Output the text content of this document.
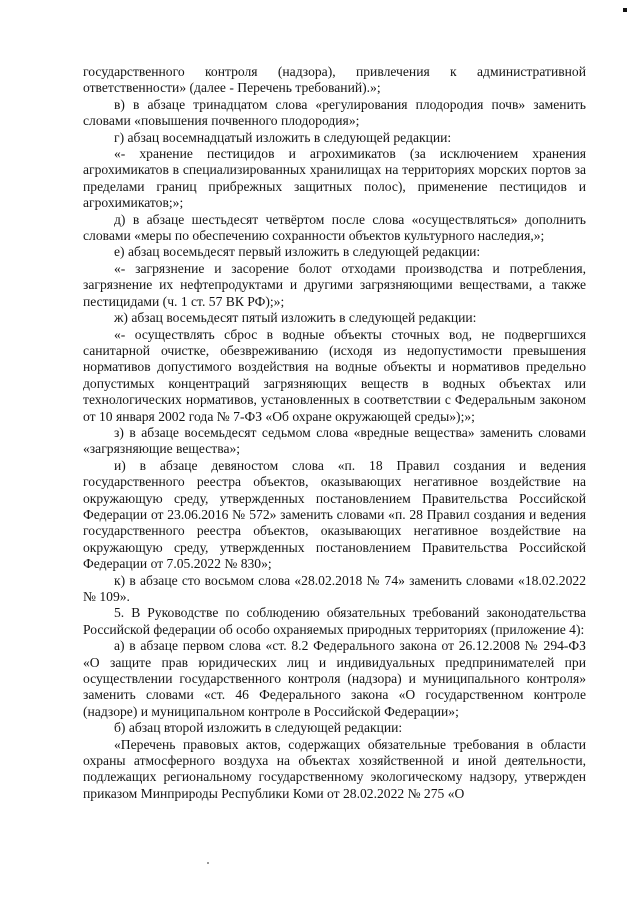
государственного контроля (надзора), привлечения к административной ответственности» (далее - Перечень требований).»;

в) в абзаце тринадцатом слова «регулирования плодородия почв» заменить словами «повышения почвенного плодородия»;

г) абзац восемнадцатый изложить в следующей редакции:

«- хранение пестицидов и агрохимикатов (за исключением хранения агрохимикатов в специализированных хранилищах на территориях морских портов за пределами границ прибрежных защитных полос), применение пестицидов и агрохимикатов;»;

д) в абзаце шестьдесят четвёртом после слова «осуществляться» дополнить словами «меры по обеспечению сохранности объектов культурного наследия,»;

е) абзац восемьдесят первый изложить в следующей редакции:

«- загрязнение и засорение болот отходами производства и потребления, загрязнение их нефтепродуктами и другими загрязняющими веществами, а также пестицидами (ч. 1 ст. 57 ВК РФ);»;

ж) абзац восемьдесят пятый изложить в следующей редакции:

«- осуществлять сброс в водные объекты сточных вод, не подвергшихся санитарной очистке, обезвреживанию (исходя из недопустимости превышения нормативов допустимого воздействия на водные объекты и нормативов предельно допустимых концентраций загрязняющих веществ в водных объектах или технологических нормативов, установленных в соответствии с Федеральным законом от 10 января 2002 года № 7-ФЗ «Об охране окружающей среды»);»;

з) в абзаце восемьдесят седьмом слова «вредные вещества» заменить словами «загрязняющие вещества»;

и) в абзаце девяностом слова «п. 18 Правил создания и ведения государственного реестра объектов, оказывающих негативное воздействие на окружающую среду, утвержденных постановлением Правительства Российской Федерации от 23.06.2016 № 572» заменить словами «п. 28 Правил создания и ведения государственного реестра объектов, оказывающих негативное воздействие на окружающую среду, утвержденных постановлением Правительства Российской Федерации от 7.05.2022 № 830»;

к) в абзаце сто восьмом слова «28.02.2018 № 74» заменить словами «18.02.2022 № 109».

5. В Руководстве по соблюдению обязательных требований законодательства Российской федерации об особо охраняемых природных территориях (приложение 4):

а) в абзаце первом слова «ст. 8.2 Федерального закона от 26.12.2008 № 294-ФЗ «О защите прав юридических лиц и индивидуальных предпринимателей при осуществлении государственного контроля (надзора) и муниципального контроля» заменить словами «ст. 46 Федерального закона «О государственном контроле (надзоре) и муниципальном контроле в Российской Федерации»;

б) абзац второй изложить в следующей редакции:

«Перечень правовых актов, содержащих обязательные требования в области охраны атмосферного воздуха на объектах хозяйственной и иной деятельности, подлежащих региональному государственному экологическому надзору, утвержден приказом Минприроды Республики Коми от 28.02.2022 № 275 «О
